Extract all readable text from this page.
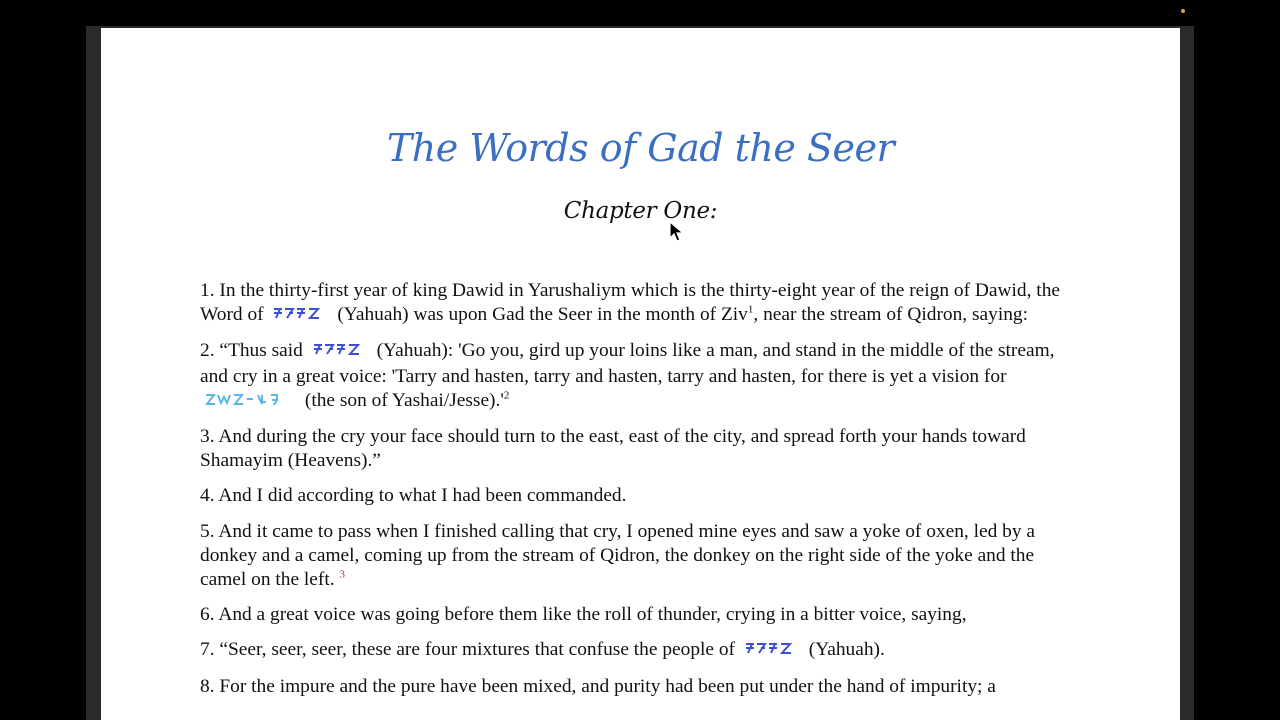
The Words of Gad the Seer
Chapter One:

1. In the thirty-first year of king Dawid in Yarushaliym which is the thirty-eight year of the reign of Dawid, the Word of	(Yahuah) was upon Gad the Seer in the month of Ziv$^1$, near the stream of Qidron, saying:

2. “Thus said	(Yahuah): 'Go you, gird up your loins like a man, and stand in the middle of the stream, and cry in a great voice: 'Tarry and hasten, tarry and hasten, tarry and hasten, for there is yet a vision for  (the son of Yashai/$Jesse).'^2$

3. And during the cry your face should turn to the east, east of the city, and spread forth your hands toward Shamayim (Heavens).”

4. And I did according to what I had been commanded.

5. And it came to pass when I finished calling that cry, I opened mine eyes and saw a yoke of oxen, led by a donkey and a camel, coming up from the stream of Qidron, the donkey on the right side of the yoke and the camel on the left. $^3$

6. And a great voice was going before them like the roll of thunder, crying in a bitter voice, saying,

7. “Seer, seer, seer, these are four mixtures that confuse the people of	(Yahuah).

8. For the impure and the pure have been mixed, and purity had been put under the hand of impurity; a
